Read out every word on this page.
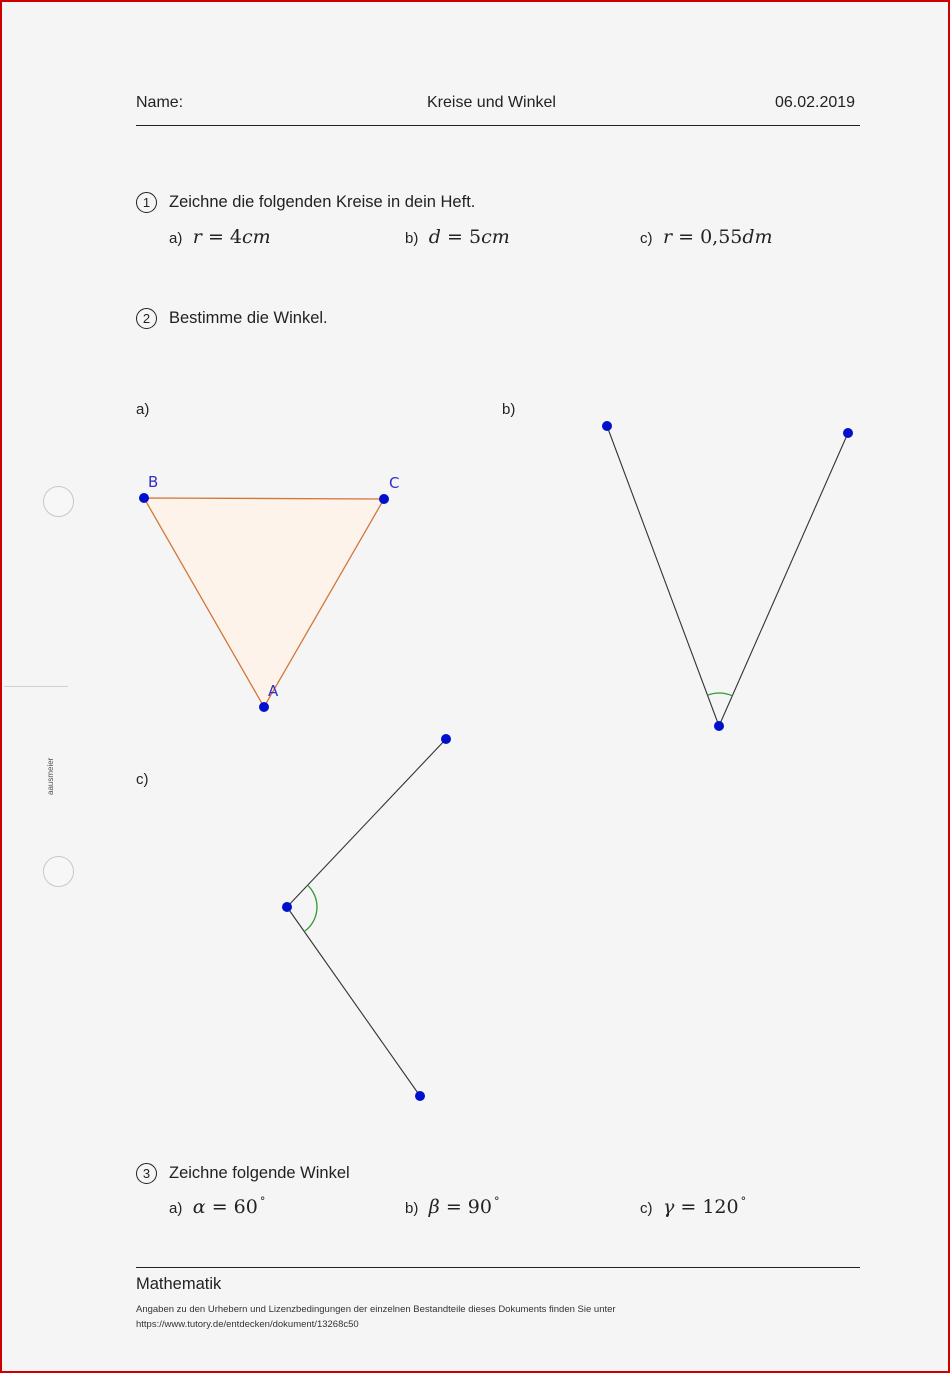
aausmeier
Name:	Kreise und Winkel	06.02.2019
1	Zeichne die folgenden Kreise in dein Heft.
a) r = 4cm	b) d = 5cm	c) r = 0,55dm
2	Bestimme die Winkel.
a)	b)
c)
B	C
A
3	Zeichne folgende Winkel
a) α = 60 °	b) β = 90 °	c) γ = 120 °
Mathematik
Angaben zu den Urhebern und Lizenzbedingungen der einzelnen Bestandteile dieses Dokuments finden Sie unter
https://www.tutory.de/entdecken/dokument/13268c50
